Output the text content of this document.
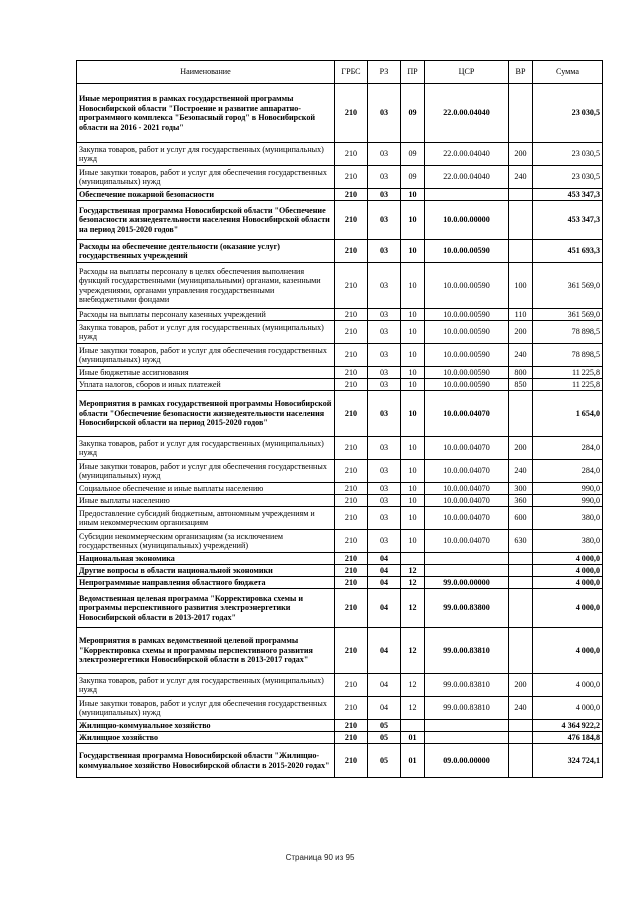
Наименование	ГРБС	РЗ	ПР	ЦСР	ВР	Сумма
Иные мероприятия в рамках государственной программы Новосибирской области "Построение и развитие аппаратно-программного комплекса "Безопасный город" в Новосибирской области на 2016 - 2021 годы"	210	03	09	22.0.00.04040		23 030,5
Закупка товаров, работ и услуг для государственных (муниципальных) нужд	210	03	09	22.0.00.04040	200	23 030,5
Иные закупки товаров, работ и услуг для обеспечения государственных (муниципальных) нужд	210	03	09	22.0.00.04040	240	23 030,5
Обеспечение пожарной безопасности	210	03	10			453 347,3
Государственная программа Новосибирской области "Обеспечение безопасности жизнедеятельности населения Новосибирской области на период 2015-2020 годов"	210	03	10	10.0.00.00000		453 347,3
Расходы на обеспечение деятельности (оказание услуг) государственных учреждений	210	03	10	10.0.00.00590		451 693,3
Расходы на выплаты персоналу в целях обеспечения выполнения функций государственными (муниципальными) органами, казенными учреждениями, органами управления государственными внебюджетными фондами	210	03	10	10.0.00.00590	100	361 569,0
Расходы на выплаты персоналу казенных учреждений	210	03	10	10.0.00.00590	110	361 569,0
Закупка товаров, работ и услуг для государственных (муниципальных) нужд	210	03	10	10.0.00.00590	200	78 898,5
Иные закупки товаров, работ и услуг для обеспечения государственных (муниципальных) нужд	210	03	10	10.0.00.00590	240	78 898,5
Иные бюджетные ассигнования	210	03	10	10.0.00.00590	800	11 225,8
Уплата налогов, сборов и иных платежей	210	03	10	10.0.00.00590	850	11 225,8
Мероприятия в рамках государственной программы Новосибирской области "Обеспечение безопасности жизнедеятельности населения Новосибирской области на период 2015-2020 годов"	210	03	10	10.0.00.04070		1 654,0
Закупка товаров, работ и услуг для государственных (муниципальных) нужд	210	03	10	10.0.00.04070	200	284,0
Иные закупки товаров, работ и услуг для обеспечения государственных (муниципальных) нужд	210	03	10	10.0.00.04070	240	284,0
Социальное обеспечение и иные выплаты населению	210	03	10	10.0.00.04070	300	990,0
Иные выплаты населению	210	03	10	10.0.00.04070	360	990,0
Предоставление субсидий бюджетным, автономным учреждениям и иным некоммерческим организациям	210	03	10	10.0.00.04070	600	380,0
Субсидии некоммерческим организациям (за исключением государственных (муниципальных) учреждений)	210	03	10	10.0.00.04070	630	380,0
Национальная экономика	210	04				4 000,0
Другие вопросы в области национальной экономики	210	04	12			4 000,0
Непрограммные направления областного бюджета	210	04	12	99.0.00.00000		4 000,0
Ведомственная целевая программа "Корректировка схемы и программы перспективного развития электроэнергетики Новосибирской области в 2013-2017 годах"	210	04	12	99.0.00.83800		4 000,0
Мероприятия в рамках ведомственной целевой программы "Корректировка схемы и программы перспективного развития электроэнергетики Новосибирской области в 2013-2017 годах"	210	04	12	99.0.00.83810		4 000,0
Закупка товаров, работ и услуг для государственных (муниципальных) нужд	210	04	12	99.0.00.83810	200	4 000,0
Иные закупки товаров, работ и услуг для обеспечения государственных (муниципальных) нужд	210	04	12	99.0.00.83810	240	4 000,0
Жилищно-коммунальное хозяйство	210	05				4 364 922,2
Жилищное хозяйство	210	05	01			476 184,8
Государственная программа Новосибирской области "Жилищно-коммунальное хозяйство Новосибирской области в 2015-2020 годах"	210	05	01	09.0.00.00000		324 724,1
Страница 90 из 95
